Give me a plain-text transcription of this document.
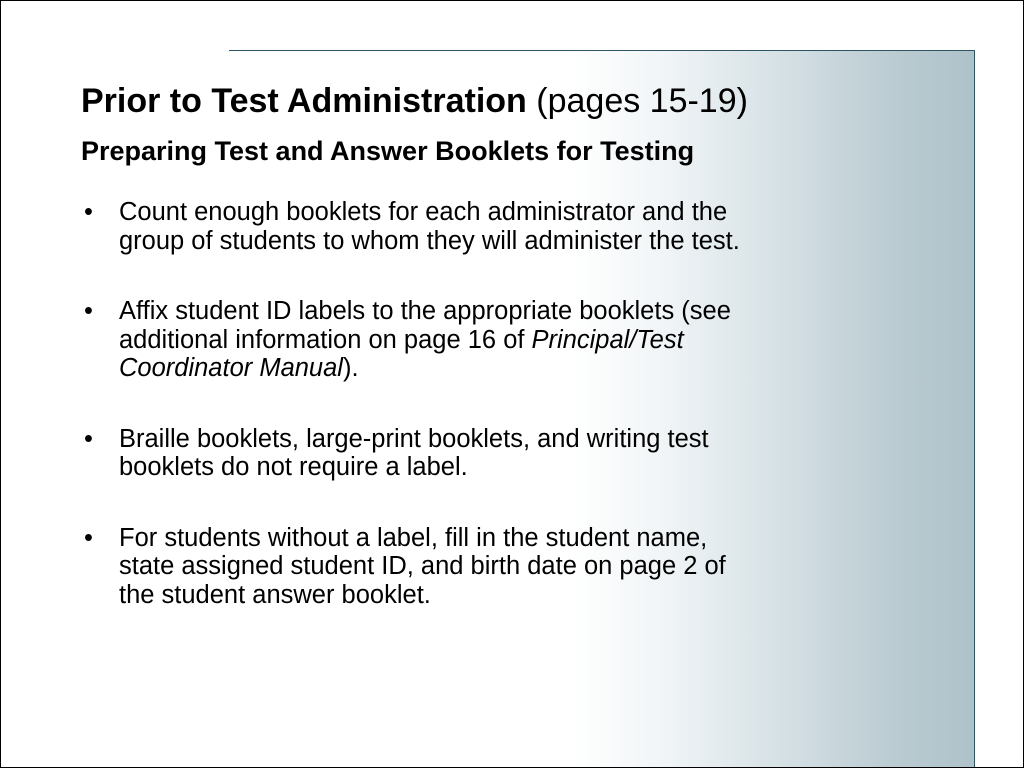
Prior to Test Administration (pages 15-19)
Preparing Test and Answer Booklets for Testing
• Count enough booklets for each administrator and the
group of students to whom they will administer the test.
• Affix student ID labels to the appropriate booklets (see
additional information on page 16 of Principal/Test
Coordinator Manual).
• Braille booklets, large-print booklets, and writing test
booklets do not require a label.
• For students without a label, fill in the student name,
state assigned student ID, and birth date on page 2 of
the student answer booklet.
